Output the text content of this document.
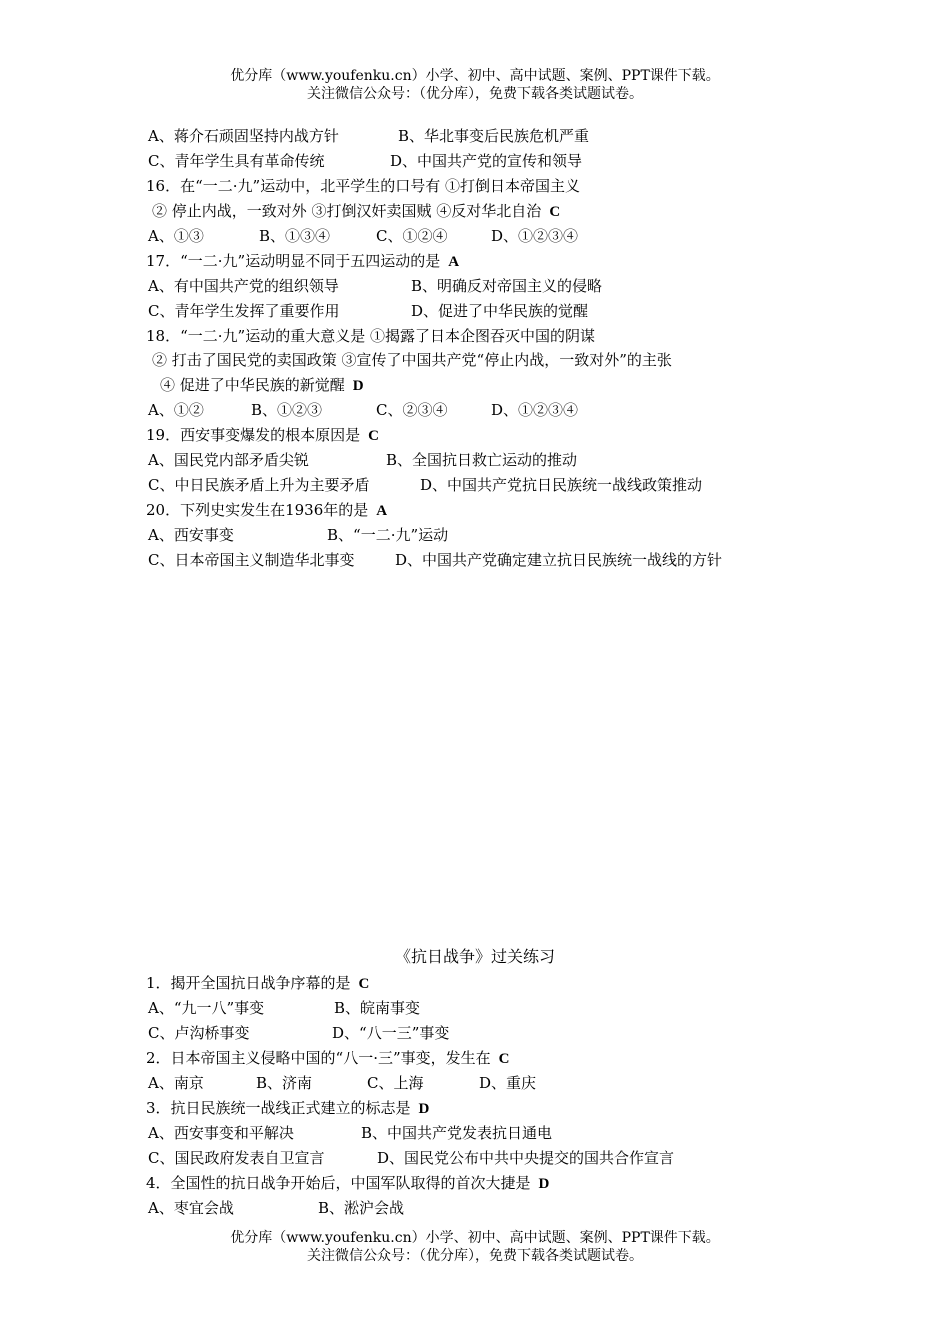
优分库（www.youfenku.cn）小学、初中、高中试题、案例、PPT课件下载。
关注微信公众号：（优分库），免费下载各类试题试卷。
A、蒋介石顽固坚持内战方针	B、华北事变后民族危机严重
C、青年学生具有革命传统	D、中国共产党的宣传和领导
16．在“一二·九”运动中，北平学生的口号有 ①打倒日本帝国主义
② 停止内战，一致对外 ③打倒汉奸卖国贼 ④反对华北自治 C
A、①③	B、①③④	C、①②④	D、①②③④
17．“一二·九”运动明显不同于五四运动的是 A
A、有中国共产党的组织领导	B、明确反对帝国主义的侵略
C、青年学生发挥了重要作用	D、促进了中华民族的觉醒
18．“一二·九”运动的重大意义是 ①揭露了日本企图吞灭中国的阴谋
② 打击了国民党的卖国政策 ③宣传了中国共产党“停止内战，一致对外”的主张
④ 促进了中华民族的新觉醒 D
A、①②	B、①②③	C、②③④	D、①②③④
19．西安事变爆发的根本原因是 C
A、国民党内部矛盾尖锐	B、全国抗日救亡运动的推动
C、中日民族矛盾上升为主要矛盾	D、中国共产党抗日民族统一战线政策推动
20．下列史实发生在1936年的是 A
A、西安事变	B、“一二·九”运动
C、日本帝国主义制造华北事变	D、中国共产党确定建立抗日民族统一战线的方针
《抗日战争》过关练习
1．揭开全国抗日战争序幕的是 C
A、“九一八”事变	B、皖南事变
C、卢沟桥事变	D、“八一三”事变
2．日本帝国主义侵略中国的“八一·三”事变，发生在 C
A、南京	B、济南	C、上海	D、重庆
3．抗日民族统一战线正式建立的标志是 D
A、西安事变和平解决	B、中国共产党发表抗日通电
C、国民政府发表自卫宣言	D、国民党公布中共中央提交的国共合作宣言
4．全国性的抗日战争开始后，中国军队取得的首次大捷是 D
A、枣宜会战	B、淞沪会战
优分库（www.youfenku.cn）小学、初中、高中试题、案例、PPT课件下载。
关注微信公众号：（优分库），免费下载各类试题试卷。
